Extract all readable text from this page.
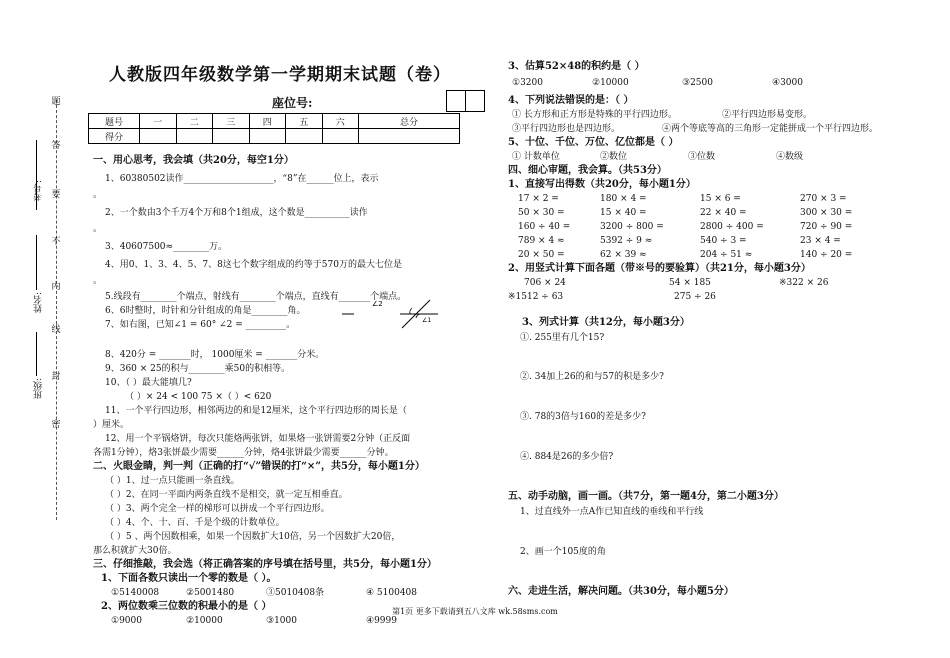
题
答
要
不
内
线
封
密
考号:
姓名:
班级:

人教版四年级数学第一学期期末试题（卷）

座位号:
题号	一	二	三	四	五	六	总分
得分							

一、用心思考，我会填（共20分，每空1分）

1、60380502读作____________________，“8”在______位上，表示

。

2、一个数由3个千万4个万和8个1组成，这个数是__________读作

。

3、40607500≈________万。

4、用0、1、3、4、5、7、8这七个数字组成的约等于570万的最大七位是

。

5.线段有________个端点，射线有________个端点，直线有_______个端点。

6、6时整时，时针和分针组成的角是________角。

7、如右图，已知∠1 = 60° ∠2 = _________。

8、420分 = _______时， 1000厘米 = _______分米。

9、360 × 25的积与________乘50的积相等。

10、（ ）最大能填几?

（ ）× 24 < 100 75 ×（ ）< 620

11、一个平行四边形，相邻两边的和是12厘米，这个平行四边形的周长是（

）厘米。

12、用一个平锅烙饼，每次只能烙两张饼，如果烙一张饼需要2分钟（正反面

各需1分钟），烙3张饼最少需要______分钟，烙4张饼最少需要______分钟。

二、火眼金睛，判一判（正确的打“√”错误的打“×”，共5分，每小题1分）

（ ）1、过一点只能画一条直线。

（ ）2、在同一平面内两条直线不是相交，就一定互相垂直。

（ ）3、两个完全一样的梯形可以拼成一个平行四边形。

（ ）4、个、十、百、千是个级的计数单位。

（ ）5 、两个因数相乘，如果一个因数扩大10倍，另一个因数扩大20倍，

那么积就扩大30倍。

三、仔细推敲，我会选（将正确答案的序号填在括号里，共5分，每小题1分）

1、下面各数只读出一个零的数是（ ）。

①5140008	②5001480	③5010408条	④ 5100408

2、两位数乘三位数的积最小的是（ ）

①9000	②10000	③1000	④9999
∠2
∠1

3、估算52×48的积约是（ ）

①3200	②10000	③2500	④3000

4、下列说法错误的是：（ ）

① 长方形和正方形是特殊的平行四边形。	②平行四边形易变形。
③平行四边形也是四边形。	④两个等底等高的三角形一定能拼成一个平行四边形。

5、十位、千位、万位、亿位都是（ ）

① 计数单位	②数位	③位数	④数级

四、细心审题，我会算。（共53分）

1、直接写出得数（共20分，每小题1分）

17 × 2 =	180 × 4 =	15 × 6 =	270 × 3 =
50 × 30 =	15 × 40 =	22 × 40 =	300 × 30 =
160 ÷ 40 =	3200 ÷ 800 =	2800 ÷ 400 =	720 ÷ 90 =
789 × 4 ≈	5392 ÷ 9 ≈	540 ÷ 3 =	23 × 4 =
20 × 50 =	62 × 39 ≈	204 ÷ 51 ≈	140 ÷ 20 =

2、用竖式计算下面各题（带※号的要验算）（共21分，每小题3分）

706 × 24	54 × 185	※322 × 26
※1512 ÷ 63	275 ÷ 26

3、列式计算（共12分，每小题3分）

①. 255里有几个15?

②. 34加上26的和与57的积是多少?

③. 78的3倍与160的差是多少?

④. 884是26的多少倍?

五、动手动脑，画一画。（共7分，第一题4分，第二小题3分）

1、过直线外一点A作已知直线的垂线和平行线

2、画一个105度的角

六、走进生活，解决问题。（共30分，每小题5分）

第1页 更多下载请到五八文库 wk.58sms.com
